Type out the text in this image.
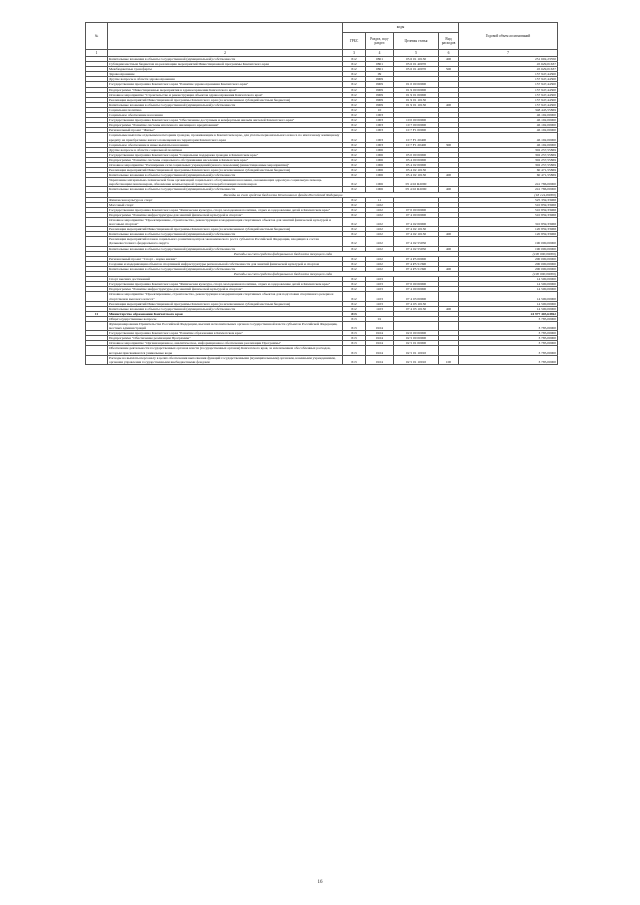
№		коды				Годовой объем ассигнований
		ГРБС	Раздел, под-раздел	Целевая статья	Вид расходов	
1	2	3	4	5	6	7
	Капитальные вложения в объекты государственной (муниципальной) собственности	812	0801	05 6 01 10130	400	251 602,23350
	Субсидии местным бюджетам на реализацию мероприятий Инвестиционной программы Камчатского края	812	0801	05 6 01 40070		45 629,01637
	Межбюджетные трансферты	812	0801	05 6 01 40070	500	45 629,01637
	Здравоохранение	812	09			157 947,44300
	Другие вопросы в области здравоохранения	812	0909			157 947,44300
	Государственная программа Камчатского края "Развитие здравоохранения Камчатского края"	812	0909	01 0 00 00000		157 947,44300
	Подпрограмма "Инвестиционные мероприятия в здравоохранении Камчатского края"	812	0909	01 9 00 00000		157 947,44300
	Основное мероприятие "Строительство и реконструкция объектов здравоохранения Камчатского края"	812	0909	01 9 01 00000		157 947,44300
	Реализация мероприятий Инвестиционной программы Камчатского края (за исключением субсидий местным бюджетам)	812	0909	01 9 01 10130		157 947,44300
	Капитальные вложения в объекты государственной (муниципальной) собственности	812	0909	01 9 01 10130	400	157 947,44300
	Социальная политика	812	10			348 445,55869
	Социальное обеспечение населения	812	1003			46 192,00000
	Государственная программа Камчатского края "Обеспечение доступным и комфортным жильём жителей Камчатского края"	812	1003	10 0 00 00000		46 192,00000
	Подпрограмма "Развитие системы ипотечного жилищного кредитования"	812	1003	10 7 00 00000		46 192,00000
	Региональный проект "Жилье"	812	1003	10 7 F1 00000		46 192,00000
	Социальные выплаты отдельным категориям граждан, проживающим в Камчатском крае, для уплаты первоначального взноса по ипотечному жилищному кредиту на приобретение жилого помещения на территории Камчатского края	812	1003	10 7 F1 20400		46 192,00000
	Социальное обеспечение и иные выплаты населению	812	1003	10 7 F1 20400	300	46 192,00000
	Другие вопросы в области социальной политики	812	1006			302 257,55869
	Государственная программа Камчатского края "Социальная поддержка граждан в Камчатском крае"	812	1006	05 0 00 00000		302 257,55869
	Подпрограмма "Развитие системы социального обслуживания населения в Камчатском крае"	812	1006	05 4 00 00000		302 257,55869
	Основное мероприятие "Расширение сети социальных учреждений (нового поколения) (инвестиционные мероприятия)"	812	1006	05 4 02 00000		302 257,55869
	Реализация мероприятий Инвестиционной программы Камчатского края (за исключением субсидий местным бюджетам)	812	1006	05 4 02 10130		60 471,55869
	Капитальные вложения в объекты государственной (муниципальной) собственности	812	1006	05 4 02 10130	400	60 471,55869
	Укрепление материально-технической базы организаций социального обслуживания населения, оказывающих адресную социальную помощь неработающим пенсионерам, обновление компьютерной грамотности неработающих пенсионеров	812	1006	05 4 02 R2090		241 786,00000
	Капитальные вложения в объекты государственной (муниципальной) собственности	812	1006	05 4 02 R2090	400	241 786,00000
	Расходы за счет средств бюджета Пенсионного фонда Российской Федерации					(18 124,80000)
	Физическая культура и спорт	812	11			525 359,33968
	Массовый спорт	812	1102			510 859,33968
	Государственная программа Камчатского края "Физическая культура, спорт, молодежная политика, отдых и оздоровление детей в Камчатском крае"	812	1102	07 0 00 00000		510 859,33968
	Подпрограмма "Развитие инфраструктуры для занятий физической культурой и спортом"	812	1102	07 4 00 00000		510 859,33968
	Основное мероприятие "Проектирование, строительство, реконструкция и модернизация спортивных объектов для занятий физической культурой и массовым спортом"	812	1102	07 4 02 00000		310 859,33968
	Реализация мероприятий Инвестиционной программы Камчатского края (за исключением субсидий местным бюджетам)	812	1102	07 4 02 10130		120 859,33968
	Капитальные вложения в объекты государственной (муниципальной) собственности	812	1102	07 4 02 10130	400	120 859,33968
	Реализация мероприятий планов социального развития центров экономического роста субъектов Российской Федерации, входящих в состав Дальневосточного федерального округа	812	1102	07 4 02 55050		190 000,00000
	Капитальные вложения в объекты государственной (муниципальной) собственности	812	1102	07 4 02 55050	400	190 000,00000
	Расходы за счет средств федерального бюджета текущего года					(190 000,00000)
	Региональный проект "Спорт - норма жизни"	812	1102	07 4 P5 00000		200 000,00000
	Создание и модернизация объектов спортивной инфраструктуры региональной собственности для занятий физической культурой и спортом	812	1102	07 4 P5 51390		200 000,00000
	Капитальные вложения в объекты государственной (муниципальной) собственности	812	1102	07 4 P5 51390	400	200 000,00000
	Расходы за счет средств федерального бюджета текущего года					(190 000,00000)
	Спорт высших достижений	812	1103			14 500,00000
	Государственная программа Камчатского края "Физическая культура, спорт, молодежная политика, отдых и оздоровление детей в Камчатском крае"	812	1103	07 0 00 00000		14 500,00000
	Подпрограмма "Развитие инфраструктуры для занятий физической культурой и спортом"	812	1103	07 4 00 00000		14 500,00000
	Основное мероприятие "Проектирование, строительство, реконструкция и модернизация спортивных объектов для подготовки спортивного резерва и спортсменов высокого класса"	812	1103	07 4 03 00000		14 500,00000
	Реализация мероприятий Инвестиционной программы Камчатского края (за исключением субсидий местным бюджетам)	812	1103	07 4 03 10130		14 500,00000
	Капитальные вложения в объекты государственной (муниципальной) собственности	812	1103	07 4 03 10130	400	14 500,00000
11	Министерство образования Камчатского края	813				24 977 403,64962
	Общегосударственные вопросы	813	01			3 785,00000
	Функционирование Правительства Российской Федерации, высших исполнительных органов государственной власти субъектов Российской Федерации, местных администраций	813	0104			3 785,00000
	Государственная программа Камчатского края "Развитие образования в Камчатском крае"	813	0104	02 0 00 00000		3 785,00000
	Подпрограмма "Обеспечение реализации Программы"	813	0104	02 5 00 00000		3 785,00000
	Основное мероприятие "Организационное, аналитическое, информационное обеспечение реализации Программы"	813	0104	02 5 01 00000		3 785,00000
	Обеспечение деятельности государственных органов власти (государственных органов) Камчатского края, за исключением обособленных расходов, которым присваиваются уникальные коды	813	0104	02 5 01 10010		3 785,00000
	Расходы на выплаты персоналу в целях обеспечения выполнения функций государственными (муниципальными) органами, казенными учреждениями, органами управления государственными внебюджетными фондами	813	0104	02 5 01 10010	100	3 785,00000
16
